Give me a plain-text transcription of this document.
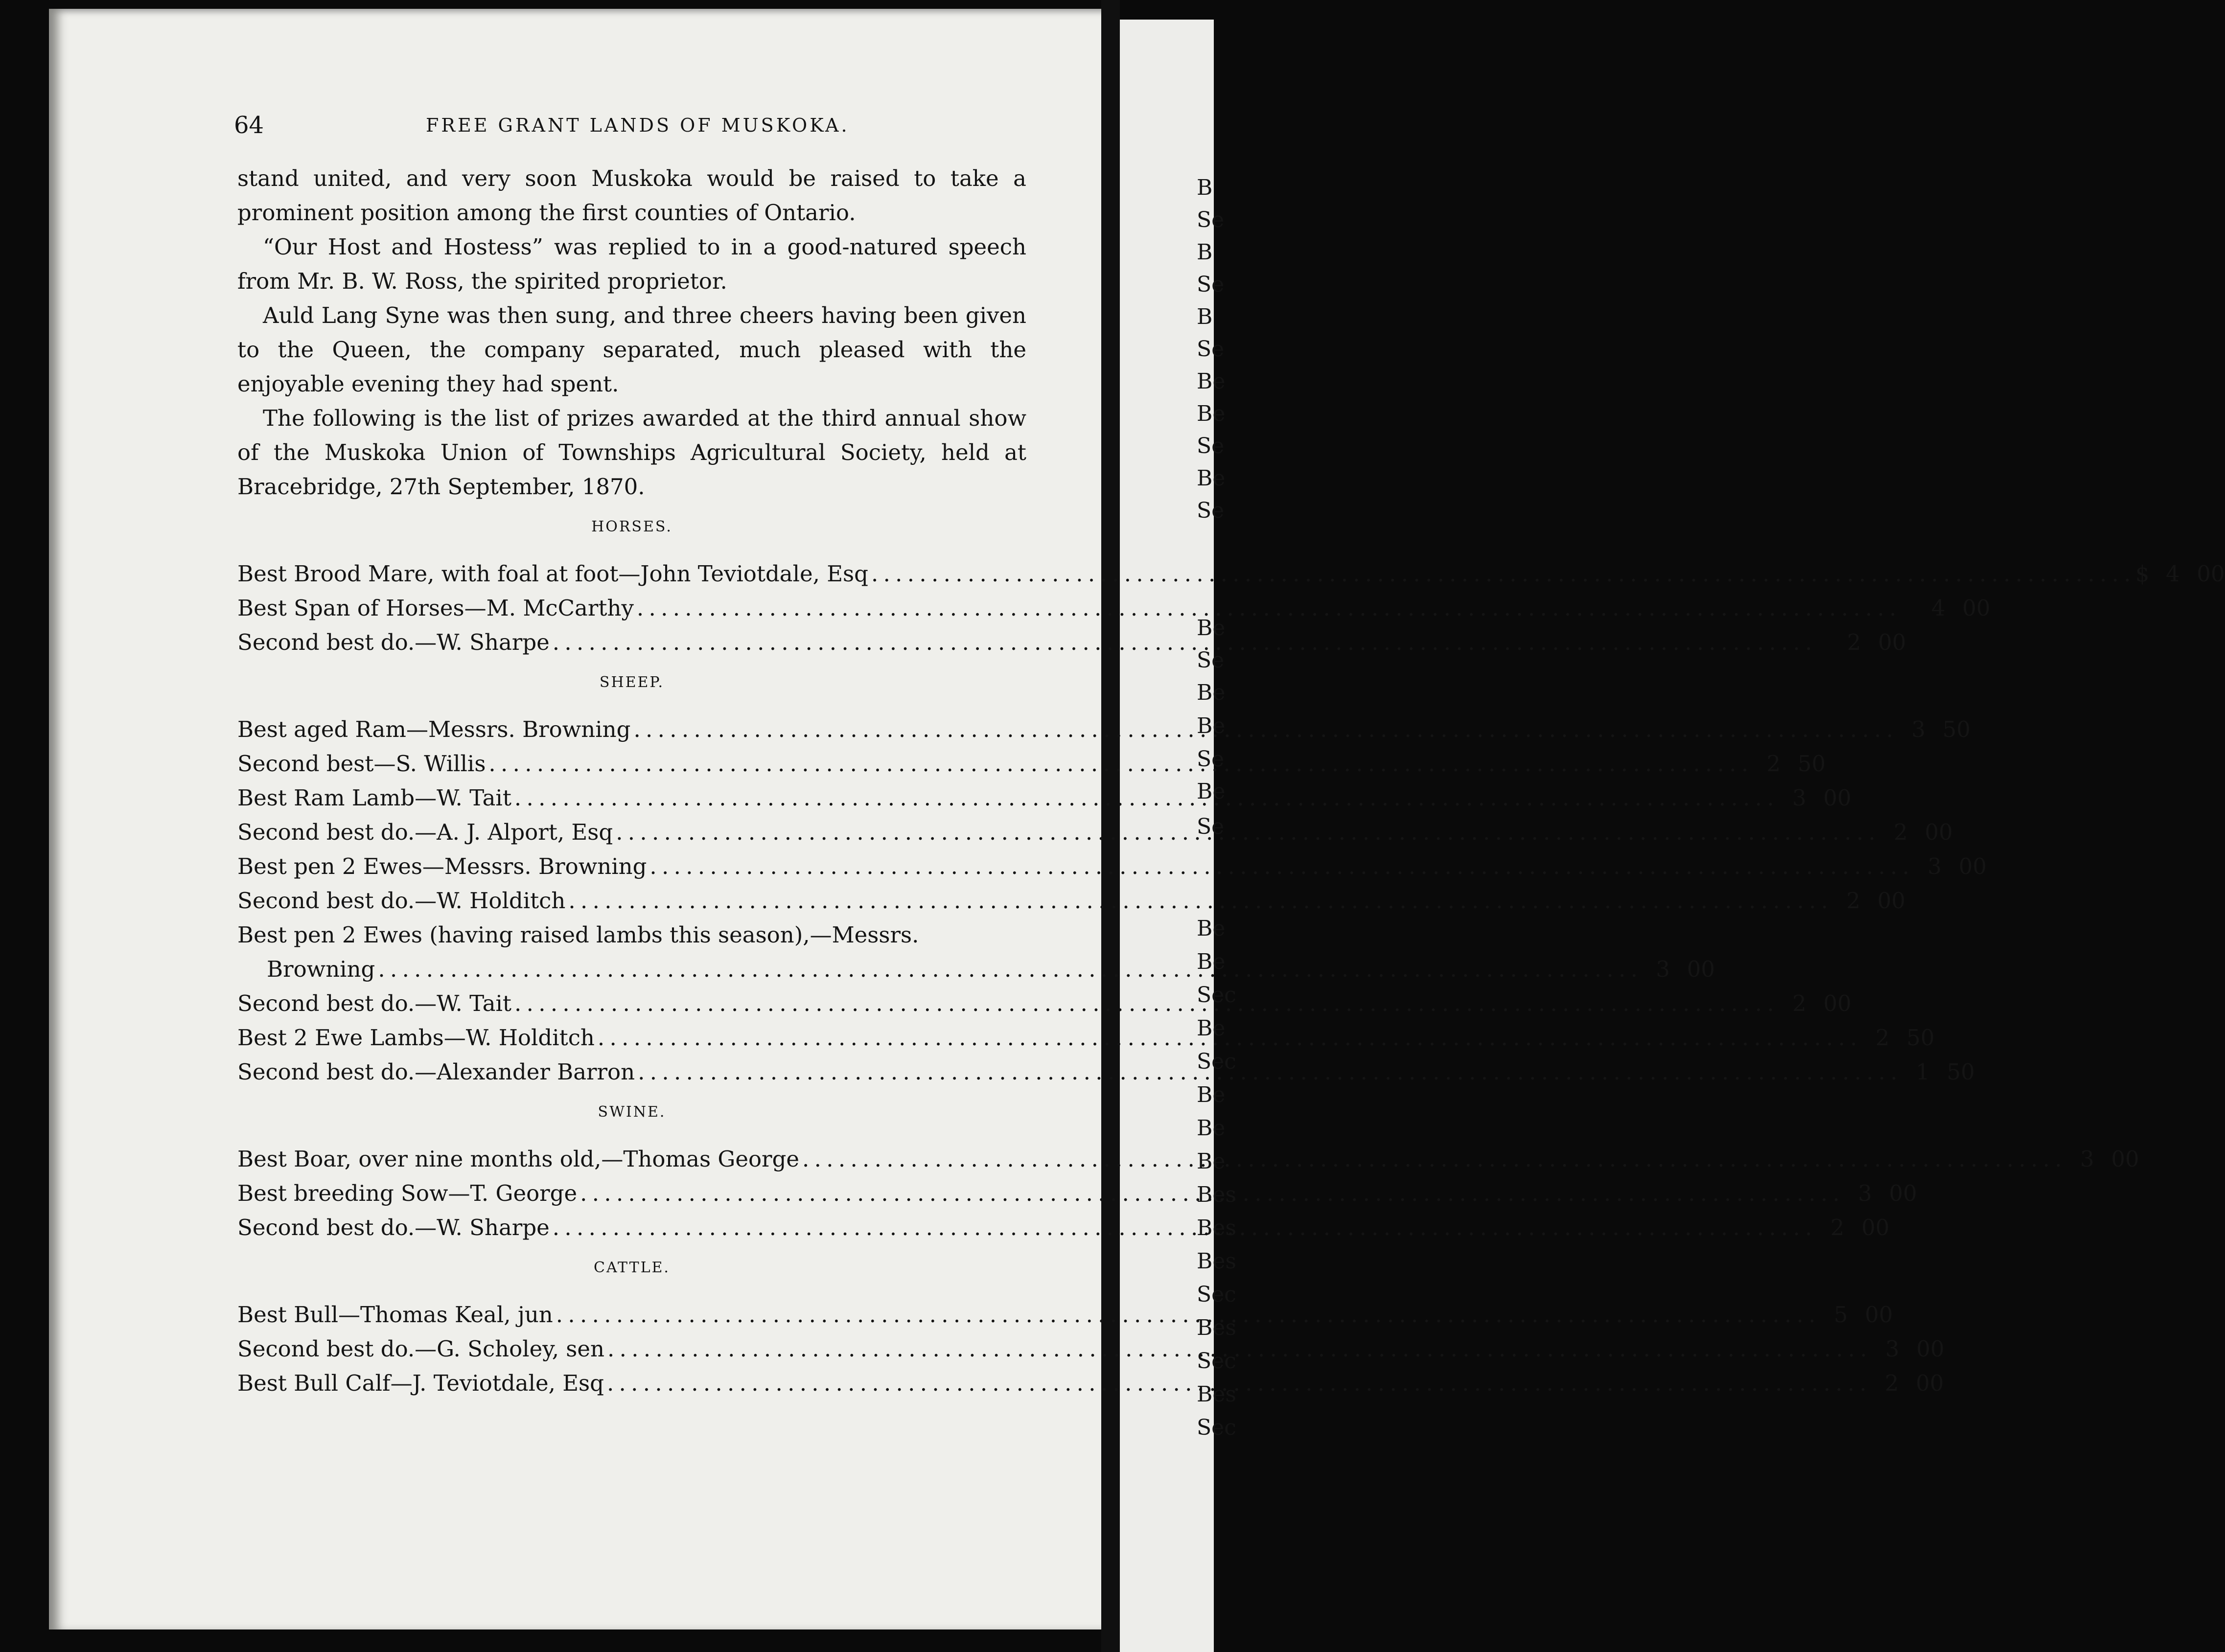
64	FREE GRANT LANDS OF MUSKOKA.

stand united, and very soon Muskoka would be raised to take a prominent position among the first counties of Ontario.

“Our Host and Hostess” was replied to in a good-natured speech from Mr. B. W. Ross, the spirited proprietor.

Auld Lang Syne was then sung, and three cheers having been given to the Queen, the company separated, much pleased with the enjoyable evening they had spent.

The following is the list of prizes awarded at the third annual show of the Muskoka Union of Townships Agricultural Society, held at Bracebridge, 27th September, 1870.

HORSES.
Best Brood Mare, with foal at foot—John Teviotdale, Esq . . .	$ 4 00
Best Span of Horses—M. McCarthy . . .	4 00
Second best do.—W. Sharpe . . .	2 00
SHEEP.
Best aged Ram—Messrs. Browning . . .	3 50
Second best—S. Willis . . .	2 50
Best Ram Lamb—W. Tait . . .	3 00
Second best do.—A. J. Alport, Esq . . .	2 00
Best pen 2 Ewes—Messrs. Browning . . .	3 00
Second best do.—W. Holditch . . .	2 00
Best pen 2 Ewes (having raised lambs this season),—Messrs.
Browning . . .	3 00
Second best do.—W. Tait . . .	2 00
Best 2 Ewe Lambs—W. Holditch . . .	2 50
Second best do.—Alexander Barron . . .	1 50
SWINE.
Best Boar, over nine months old,—Thomas George . . .	3 00
Best breeding Sow—T. George . . .	3 00
Second best do.—W. Sharpe . . .	2 00
CATTLE.
Best Bull—Thomas Keal, jun . . .	5 00
Second best do.—G. Scholey, sen . . .	3 00
Best Bull Calf—J. Teviotdale, Esq . . .	2 00
B
Se
B
Se
B
Se
Be
Be
Se
Be
Se
Be
Se
Be
Be
Se
Be
Se
Be
Be
Sec
Be
Sec
Be
Be
Be
Bes
Bes
Bes
Sec
Bes
Sec
Bes
Sec
